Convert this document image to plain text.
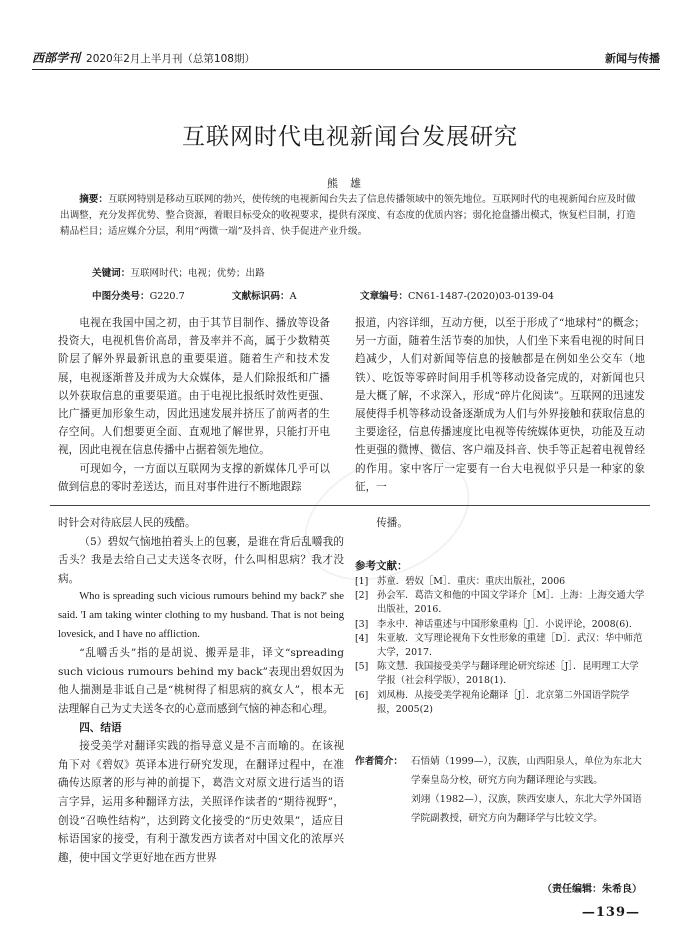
西部学刊 2020年2月上半月刊（总第108期）	新闻与传播
互联网时代电视新闻台发展研究
熊雄
摘要：互联网特别是移动互联网的勃兴，使传统的电视新闻台失去了信息传播领域中的领先地位。互联网时代的电视新闻台应及时做出调整，充分发挥优势、整合资源，着眼目标受众的收视要求，提供有深度、有态度的优质内容；弱化抢盘播出模式，恢复栏目制，打造精品栏目；适应媒介分层，利用“两微一端”及抖音、快手促进产业升级。
关键词：互联网时代；电视；优势；出路
中图分类号：G220.7	文献标识码：A	文章编号：CN61-1487-(2020)03-0139-04

电视在我国中国之初，由于其节目制作、播放等设备投资大，电视机售价高昂，普及率并不高，属于少数精英阶层了解外界最新讯息的重要渠道。随着生产和技术发展，电视逐渐普及并成为大众媒体，是人们除报纸和广播以外获取信息的重要渠道。由于电视比报纸时效性更强、比广播更加形象生动，因此迅速发展并挤压了前两者的生存空间。人们想要更全面、直观地了解世界，只能打开电视，因此电视在信息传播中占据着领先地位。

可现如今，一方面以互联网为支撑的新媒体几乎可以做到信息的零时差送达，而且对事件进行不断地跟踪

报道，内容详细，互动方便，以至于形成了“地球村”的概念；另一方面，随着生活节奏的加快，人们坐下来看电视的时间日趋减少，人们对新闻等信息的接触都是在例如坐公交车（地铁）、吃饭等零碎时间用手机等移动设备完成的，对新闻也只是大概了解，不求深入，形成“碎片化阅读”。互联网的迅速发展使得手机等移动设备逐渐成为人们与外界接触和获取信息的主要途径，信息传播速度比电视等传统媒体更快，功能及互动性更强的微博、微信、客户端及抖音、快手等正起着电视曾经的作用。家中客厅一定要有一台大电视似乎只是一种家的象征，一

时针会对待底层人民的残酷。

（5）碧奴气恼地拍着头上的包裹，是谁在背后乱嚼我的舌头？我是去给自己丈夫送冬衣呀，什么叫相思病？我才没病。

Who is spreading such vicious rumours behind my back?' she said. 'I am taking winter clothing to my husband. That is not being lovesick, and I have no affliction.

“乱嚼舌头”指的是胡说、搬弄是非，译文“spreading such vicious rumours behind my back”表现出碧奴因为他人揣测是非诋自己是“桃树得了相思病的疯女人”，根本无法理解自己为丈夫送冬衣的心意而感到气恼的神态和心理。

四、结语

接受美学对翻译实践的指导意义是不言而喻的。在该视角下对《碧奴》英译本进行研究发现，在翻译过程中，在准确传达原著的形与神的前提下，葛浩文对原文进行适当的语言字异，运用多种翻译方法，关照译作读者的“期待视野”，创设“召唤性结构”，达到跨文化接受的“历史效果”，适应目标语国家的接受，有利于激发西方读者对中国文化的浓厚兴趣，使中国文学更好地在西方世界

传播。

参考文献：
[1] 苏童．碧奴［M］．重庆：重庆出版社，2006
[2] 孙会军．葛浩文和他的中国文学译介［M］．上海：上海交通大学出版社，2016．
[3] 李永中．神话重述与中国形象重构［J］．小说评论，2008(6)．
[4] 朱亚敏．文写理论视角下女性形象的重建［D］．武汉：华中师范大学，2017．
[5] 陈文慧．我国接受美学与翻译理论研究综述［J］．昆明理工大学学报（社会科学版），2018(1)．
[6] 刘凤梅．从接受美学视角论翻译［J］．北京第二外国语学院学报，2005(2)
作者简介： 石悟婧（1999—），汉族，山西阳泉人，单位为东北大学秦皇岛分校，研究方向为翻译理论与实践。
刘翊（1982—），汉族，陕西安康人，东北大学外国语学院副教授，研究方向为翻译学与比较文学。
（责任编辑：朱希良）
—139—
